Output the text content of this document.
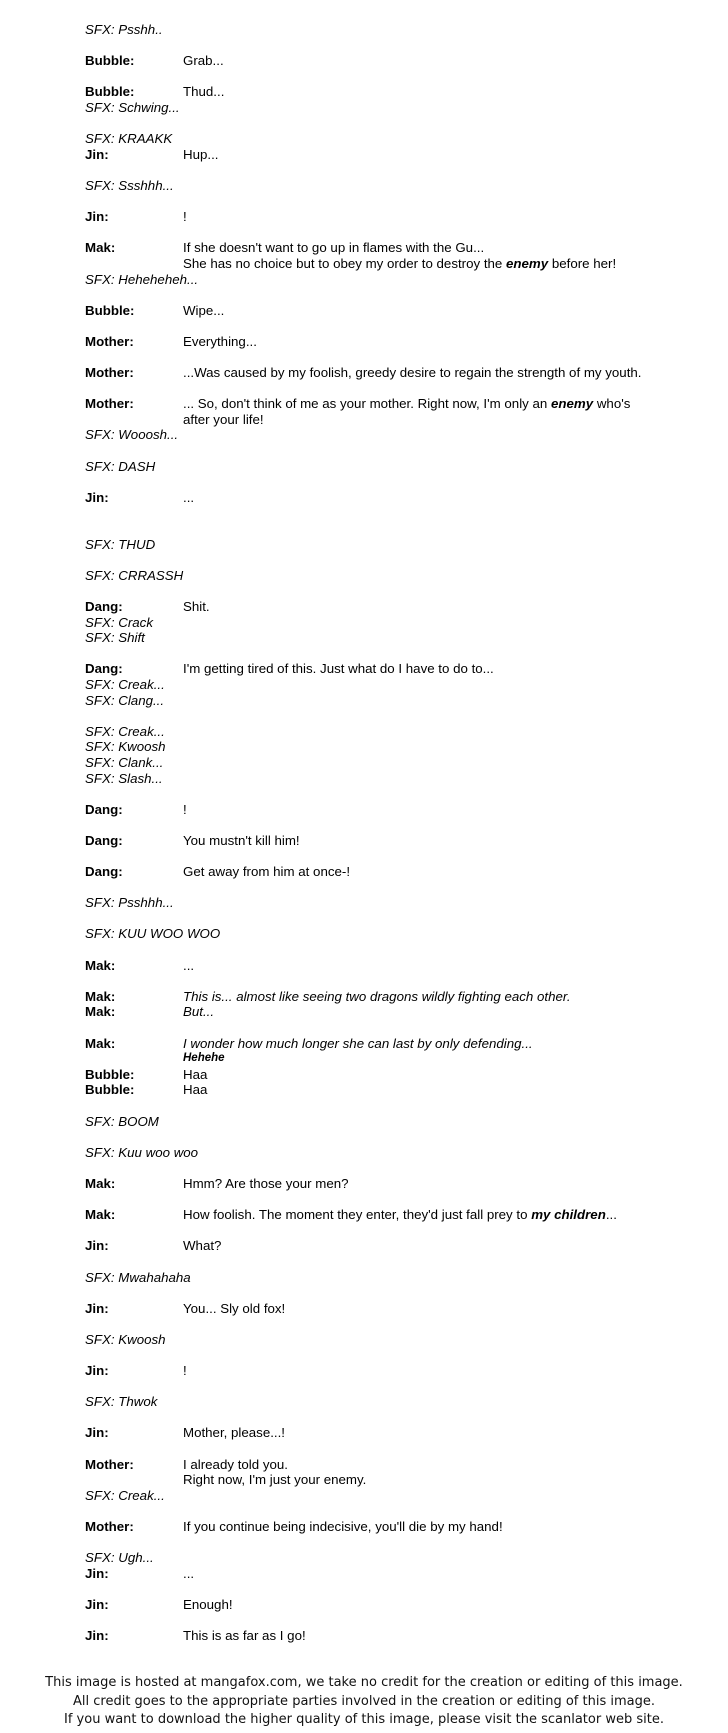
SFX: Psshh..
Bubble:	Grab...
Bubble:	Thud...
SFX: Schwing...
SFX: KRAAKK
Jin:	Hup...
SFX: Ssshhh...
Jin:	!
Mak:	If she doesn't want to go up in flames with the Gu...
She has no choice but to obey my order to destroy the enemy before her!
SFX: Heheheheh...
Bubble:	Wipe...
Mother:	Everything...
Mother:	...Was caused by my foolish, greedy desire to regain the strength of my youth.
Mother:	... So, don't think of me as your mother. Right now, I'm only an enemy who's
after your life!
SFX: Wooosh...
SFX: DASH
Jin:	...
SFX: THUD
SFX: CRRASSH
Dang:	Shit.
SFX: Crack
SFX: Shift
Dang:	I'm getting tired of this. Just what do I have to do to...
SFX: Creak...
SFX: Clang...
SFX: Creak...
SFX: Kwoosh
SFX: Clank...
SFX: Slash...
Dang:	!
Dang:	You mustn't kill him!
Dang:	Get away from him at once-!
SFX: Psshhh...
SFX: KUU WOO WOO
Mak:	...
Mak:	This is... almost like seeing two dragons wildly fighting each other.
Mak:	But...
Mak:	I wonder how much longer she can last by only defending...
Hehehe
Bubble:	Haa
Bubble:	Haa
SFX: BOOM
SFX: Kuu woo woo
Mak:	Hmm? Are those your men?
Mak:	How foolish. The moment they enter, they'd just fall prey to my children...
Jin:	What?
SFX: Mwahahaha
Jin:	You... Sly old fox!
SFX: Kwoosh
Jin:	!
SFX: Thwok
Jin:	Mother, please...!
Mother:	I already told you.
Right now, I'm just your enemy.
SFX: Creak...
Mother:	If you continue being indecisive, you'll die by my hand!
SFX: Ugh...
Jin:	...
Jin:	Enough!
Jin:	This is as far as I go!
This image is hosted at mangafox.com, we take no credit for the creation or editing of this image.
All credit goes to the appropriate parties involved in the creation or editing of this image.
If you want to download the higher quality of this image, please visit the scanlator web site.
